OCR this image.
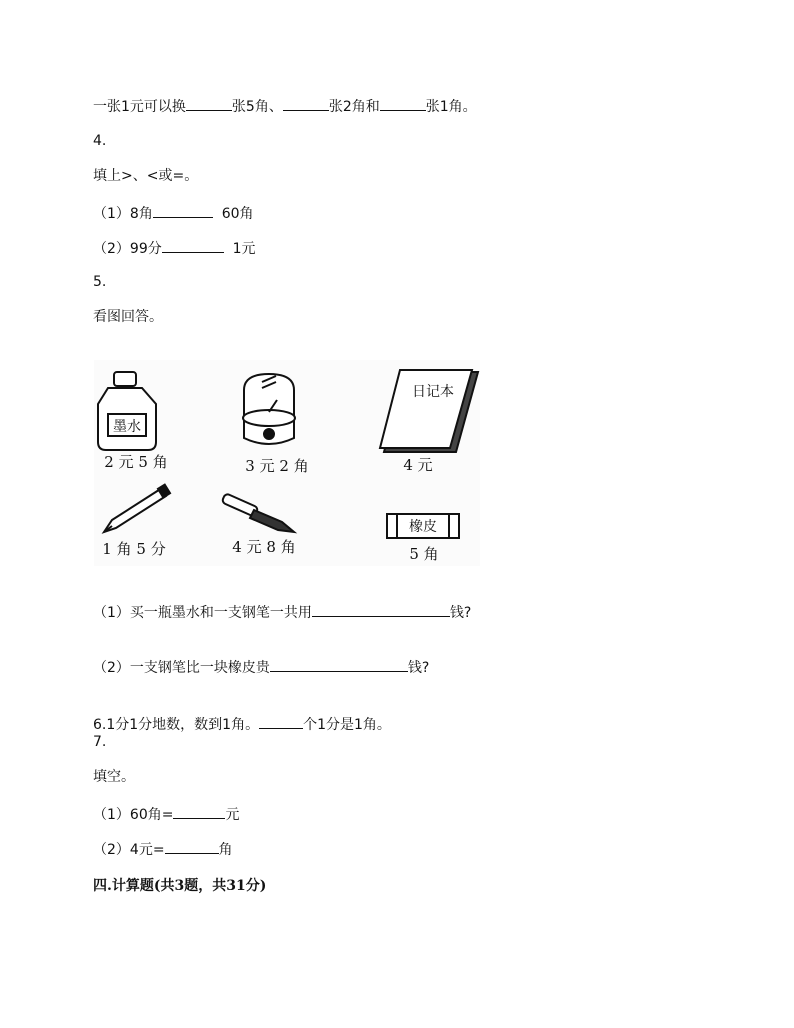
一张1元可以换	张5角、	张2角和	张1角。
4.
填上>、<或=。
（1）8角	60角
（2）99分	1元
5.
看图回答。
墨水
2 元 5 角	3 元 2 角
日记本
4 元
1 角 5 分	4 元 8 角
橡皮
5 角
（1）买一瓶墨水和一支钢笔一共用	钱?
（2）一支钢笔比一块橡皮贵	钱?
6.1分1分地数，数到1角。	个1分是1角。
7.
填空。
（1）60角=	元
（2）4元=	角
四.计算题(共3题，共31分)
